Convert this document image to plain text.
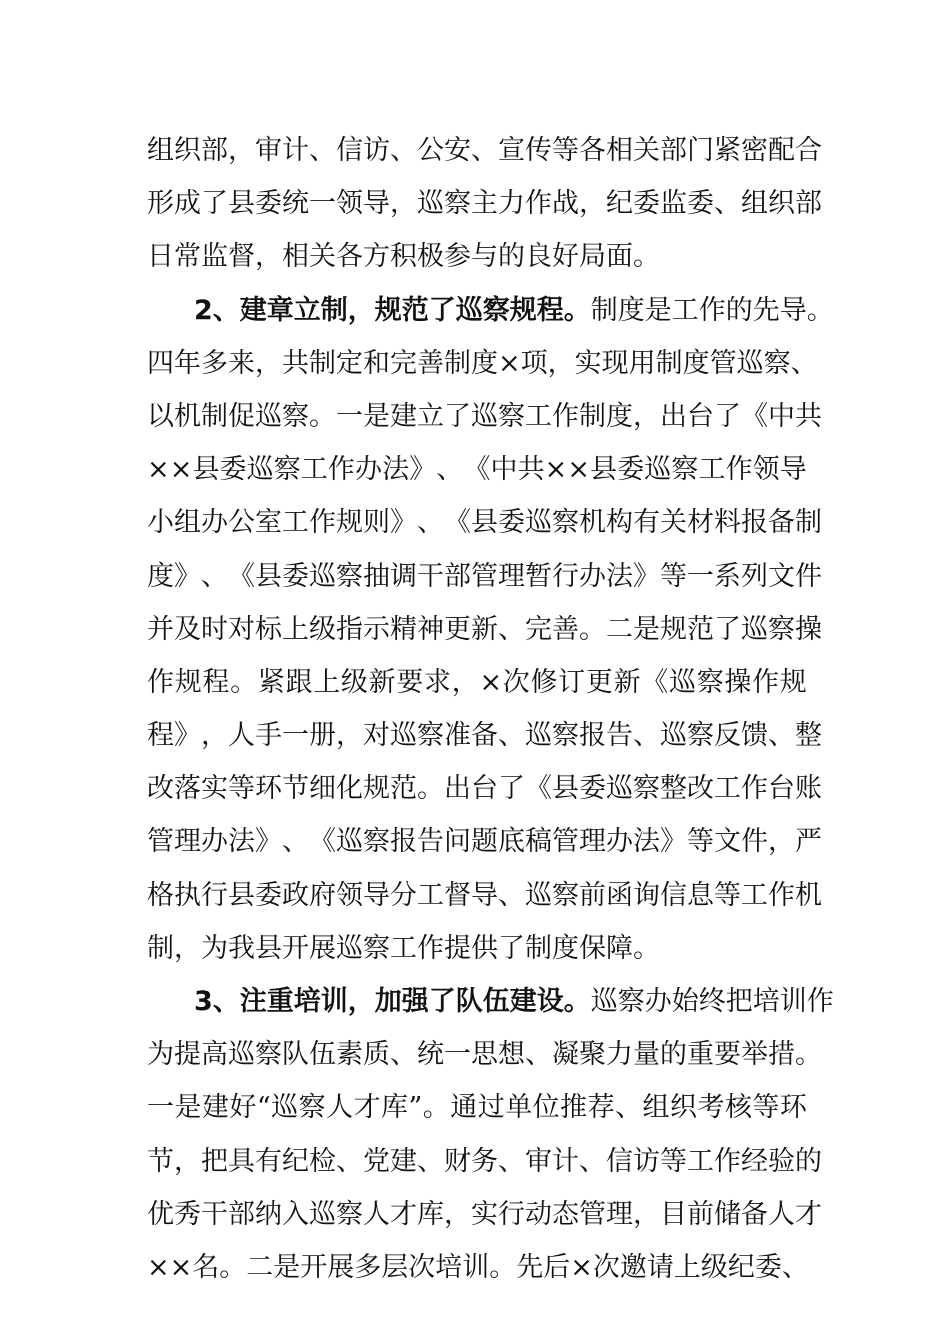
组 织 部 ， 审 计 、 信 访 、 公 安 、 宣 传 等 各 相 关 部 门 紧 密 配 合
形 成 了 县 委 统 一 领 导 ， 巡 察 主 力 作 战 ， 纪 委 监 委 、 组 织 部
日常监督，相关各方积极参与的良好局面。
2、建章立制，规范了巡察规程。 制度是工作的先导。
四 年 多 来 ， 共 制 定 和 完 善 制 度 × 项 ， 实 现 用 制 度 管 巡 察 、
以 机 制 促 巡 察 。 一 是 建 立 了 巡 察 工 作 制 度 ， 出 台 了 《 中 共
× × 县 委 巡 察 工 作 办 法 》 、 《 中 共 × × 县 委 巡 察 工 作 领 导
小 组 办 公 室 工 作 规 则 》 、 《 县 委 巡 察 机 构 有 关 材 料 报 备 制
度 》 、 《 县 委 巡 察 抽 调 干 部 管 理 暂 行 办 法 》 等 一 系 列 文 件
并 及 时 对 标 上 级 指 示 精 神 更 新 、 完 善 。 二 是 规 范 了 巡 察 操
作 规 程 。 紧 跟 上 级 新 要 求 ， × 次 修 订 更 新 《 巡 察 操 作 规
程 》 ， 人 手 一 册 ， 对 巡 察 准 备 、 巡 察 报 告 、 巡 察 反 馈 、 整
改 落 实 等 环 节 细 化 规 范 。 出 台 了 《 县 委 巡 察 整 改 工 作 台 账
管 理 办 法 》 、 《 巡 察 报 告 问 题 底 稿 管 理 办 法 》 等 文 件 ， 严
格 执 行 县 委 政 府 领 导 分 工 督 导 、 巡 察 前 函 询 信 息 等 工 作 机
制，为我县开展巡察工作提供了制度保障。
3、注重培训，加强了队伍建设。 巡察办始终把培训作
为 提 高 巡 察 队 伍 素 质 、 统 一 思 想 、 凝 聚 力 量 的 重 要 举 措 。
一 是 建 好 “ 巡 察 人 才 库 ” 。 通 过 单 位 推 荐 、 组 织 考 核 等 环
节 ， 把 具 有 纪 检 、 党 建 、 财 务 、 审 计 、 信 访 等 工 作 经 验 的
优 秀 干 部 纳 入 巡 察 人 才 库 ， 实 行 动 态 管 理 ， 目 前 储 备 人 才
× × 名 。 二 是 开 展 多 层 次 培 训 。 先 后 × 次 邀 请 上 级 纪 委 、
